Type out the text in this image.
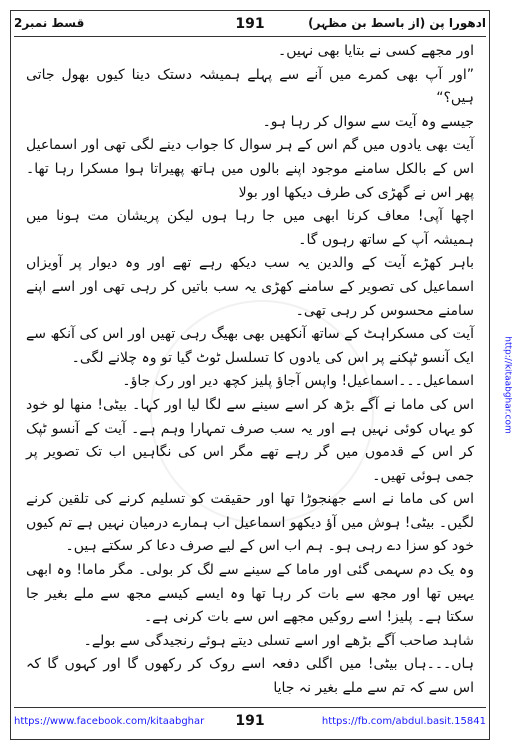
قسط نمبر2	191	ادھورا پن (از باسط بن مظہر)
http://kitaabghar.com

اور مجھے کسی نے بتایا بھی نہیں۔

”اور آپ بھی کمرے میں آنے سے پہلے ہمیشہ دستک دینا کیوں بھول جاتی ہیں؟“

جیسے وہ آیت سے سوال کر رہا ہو۔

آیت بھی یادوں میں گم اس کے ہر سوال کا جواب دینے لگی تھی اور اسماعیل اس کے بالکل سامنے موجود اپنے بالوں میں ہاتھ پھیراتا ہوا مسکرا رہا تھا۔ پھر اس نے گھڑی کی طرف دیکھا اور بولا

اچھا آپی! معاف کرنا ابھی میں جا رہا ہوں لیکن پریشان مت ہونا میں ہمیشہ آپ کے ساتھ رہوں گا۔

باہر کھڑے آیت کے والدین یہ سب دیکھ رہے تھے اور وہ دیوار پر آویزاں اسماعیل کی تصویر کے سامنے کھڑی یہ سب باتیں کر رہی تھی اور اسے اپنے سامنے محسوس کر رہی تھی۔

آیت کی مسکراہٹ کے ساتھ آنکھیں بھی بھیگ رہی تھیں اور اس کی آنکھ سے ایک آنسو ٹپکنے پر اس کی یادوں کا تسلسل ٹوٹ گیا تو وہ چلانے لگی۔

اسماعیل۔۔۔اسماعیل! واپس آجاؤ پلیز کچھ دیر اور رک جاؤ۔

اس کی ماما نے آگے بڑھ کر اسے سینے سے لگا لیا اور کہا۔ بیٹی! منھا لو خود کو یہاں کوئی نہیں ہے اور یہ سب صرف تمہارا وہم ہے۔ آیت کے آنسو ٹپک کر اس کے قدموں میں گر رہے تھے مگر اس کی نگاہیں اب تک تصویر پر جمی ہوئی تھیں۔

اس کی ماما نے اسے جھنجوڑا تھا اور حقیقت کو تسلیم کرنے کی تلقین کرنے لگیں۔ بیٹی! ہوش میں آؤ دیکھو اسماعیل اب ہمارے درمیان نہیں ہے تم کیوں خود کو سزا دے رہی ہو۔ ہم اب اس کے لیے صرف دعا کر سکتے ہیں۔

وہ یک دم سہمی گئی اور ماما کے سینے سے لگ کر بولی۔ مگر ماما! وہ ابھی یہیں تھا اور مجھ سے بات کر رہا تھا وہ ایسے کیسے مجھ سے ملے بغیر جا سکتا ہے۔ پلیز! اسے روکیں مجھے اس سے بات کرنی ہے۔

شاہد صاحب آگے بڑھے اور اسے تسلی دیتے ہوئے رنجیدگی سے بولے۔

ہاں۔۔۔ہاں بیٹی! میں اگلی دفعہ اسے روک کر رکھوں گا اور کہوں گا کہ اس سے کہ تم سے ملے بغیر نہ جایا

https://www.facebook.com/kitaabghar	191	https://fb.com/abdul.basit.15841
